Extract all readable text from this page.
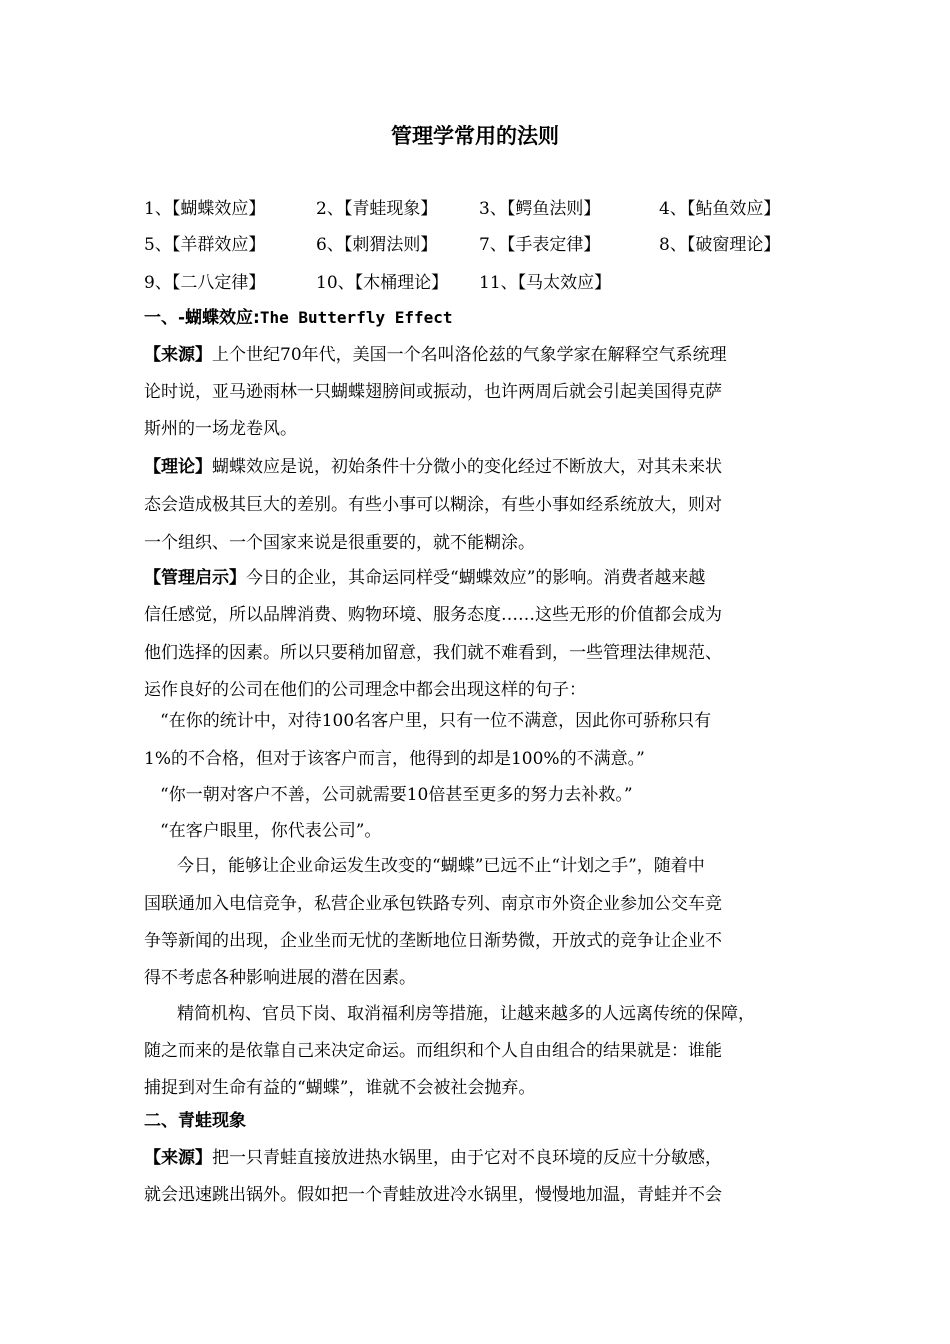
管理学常用的法则
1、【蝴蝶效应】	2、【青蛙现象】 3、【鳄鱼法则】	4、【鲇鱼效应】
5、【羊群效应】	6、【刺猬法则】 7、【手表定律】	8、【破窗理论】
9、【二八定律】	10、【木桶理论】 11、【马太效应】
一、-蝴蝶效应:The Butterfly Effect
【来源】上个世纪70年代，美国一个名叫洛伦兹的气象学家在解释空气系统理
论时说，亚马逊雨林一只蝴蝶翅膀间或振动，也许两周后就会引起美国得克萨
斯州的一场龙卷风。
【理论】蝴蝶效应是说，初始条件十分微小的变化经过不断放大，对其未来状
态会造成极其巨大的差别。有些小事可以糊涂，有些小事如经系统放大，则对
一个组织、一个国家来说是很重要的，就不能糊涂。
【管理启示】今日的企业，其命运同样受“蝴蝶效应”的影响。消费者越来越
信任感觉，所以品牌消费、购物环境、服务态度……这些无形的价值都会成为
他们选择的因素。所以只要稍加留意，我们就不难看到，一些管理法律规范、
运作良好的公司在他们的公司理念中都会出现这样的句子：
“在你的统计中，对待100名客户里，只有一位不满意，因此你可骄称只有
1%的不合格，但对于该客户而言，他得到的却是100%的不满意。”
“你一朝对客户不善，公司就需要10倍甚至更多的努力去补救。”
“在客户眼里，你代表公司”。
今日，能够让企业命运发生改变的“蝴蝶”已远不止“计划之手”，随着中
国联通加入电信竞争，私营企业承包铁路专列、南京市外资企业参加公交车竞
争等新闻的出现，企业坐而无忧的垄断地位日渐势微，开放式的竞争让企业不
得不考虑各种影响进展的潜在因素。
精简机构、官员下岗、取消福利房等措施，让越来越多的人远离传统的保障，
随之而来的是依靠自己来决定命运。而组织和个人自由组合的结果就是：谁能
捕捉到对生命有益的“蝴蝶”，谁就不会被社会抛弃。
二、青蛙现象
【来源】把一只青蛙直接放进热水锅里，由于它对不良环境的反应十分敏感，
就会迅速跳出锅外。假如把一个青蛙放进冷水锅里，慢慢地加温，青蛙并不会
